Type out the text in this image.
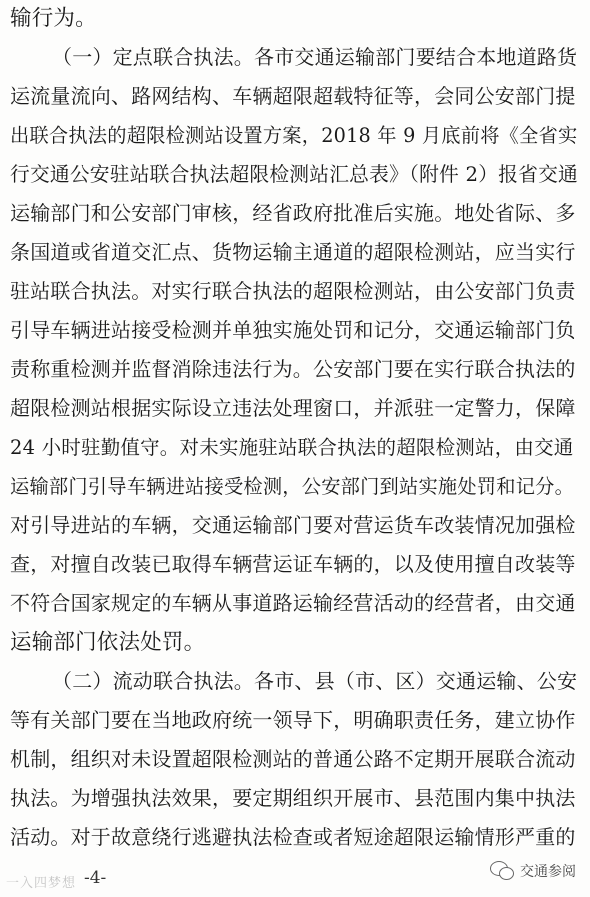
输行为。
（一）定点联合执法。各市交通运输部门要结合本地道路货
运流量流向、路网结构、车辆超限超载特征等，会同公安部门提
出联合执法的超限检测站设置方案，2018 年 9 月底前将《全省实
行交通公安驻站联合执法超限检测站汇总表》（附件 2）报省交通
运输部门和公安部门审核，经省政府批准后实施。地处省际、多
条国道或省道交汇点、货物运输主通道的超限检测站，应当实行
驻站联合执法。对实行联合执法的超限检测站，由公安部门负责
引导车辆进站接受检测并单独实施处罚和记分，交通运输部门负
责称重检测并监督消除违法行为。公安部门要在实行联合执法的
超限检测站根据实际设立违法处理窗口，并派驻一定警力，保障
24 小时驻勤值守。对未实施驻站联合执法的超限检测站，由交通
运输部门引导车辆进站接受检测，公安部门到站实施处罚和记分。
对引导进站的车辆，交通运输部门要对营运货车改装情况加强检
查，对擅自改装已取得车辆营运证车辆的，以及使用擅自改装等
不符合国家规定的车辆从事道路运输经营活动的经营者，由交通
运输部门依法处罚。
（二）流动联合执法。各市、县（市、区）交通运输、公安
等有关部门要在当地政府统一领导下，明确职责任务，建立协作
机制，组织对未设置超限检测站的普通公路不定期开展联合流动
执法。为增强执法效果，要定期组织开展市、县范围内集中执法
活动。对于故意绕行逃避执法检查或者短途超限运输情形严重的
一入四梦想 -4-	交通参阅
